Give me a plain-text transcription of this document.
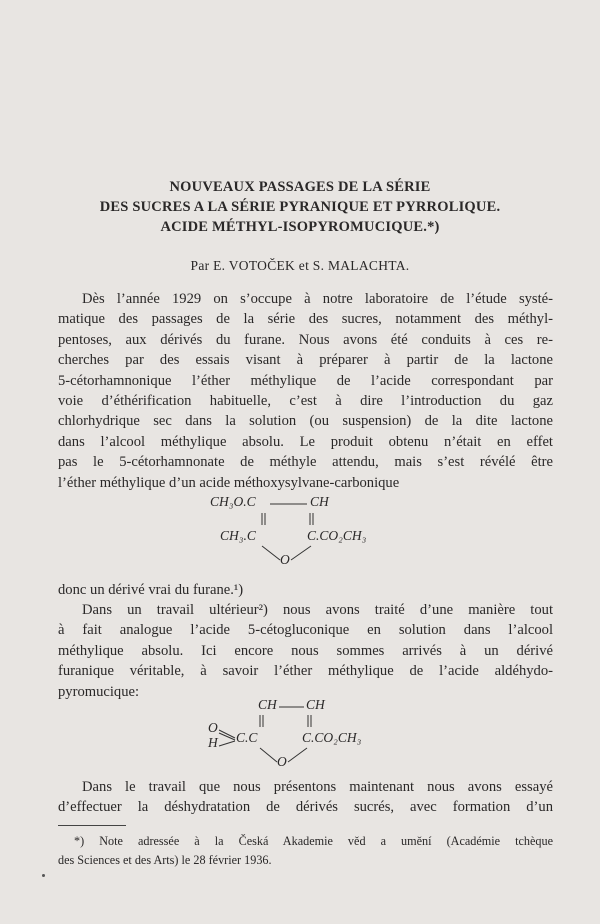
NOUVEAUX PASSAGES DE LA SÉRIE
DES SUCRES A LA SÉRIE PYRANIQUE ET PYRROLIQUE.
ACIDE MÉTHYL-ISOPYROMUCIQUE.*)
Par E. VOTOČEK et S. MALACHTA.
Dès l’année 1929 on s’occupe à notre laboratoire de l’étude systé-
matique des passages de la série des sucres, notamment des méthyl-
pentoses, aux dérivés du furane. Nous avons été conduits à ces re-
cherches par des essais visant à préparer à partir de la lactone
5-cétorhamnonique l’éther méthylique de l’acide correspondant par
voie d’éthérification habituelle, c’est à dire l’introduction du gaz
chlorhydrique sec dans la solution (ou suspension) de la dite lactone
dans l’alcool méthylique absolu. Le produit obtenu n’était en effet
pas le 5-cétorhamnonate de méthyle attendu, mais s’est révélé être
l’éther méthylique d’un acide méthoxysylvane-carbonique
CH₃O.C	CH
CH₃.C	C.CO₂CH₃
O
donc un dérivé vrai du furane.¹)
Dans un travail ultérieur²) nous avons traité d’une manière tout
à fait analogue l’acide 5-cétogluconique en solution dans l’alcool
méthylique absolu. Ici encore nous sommes arrivés à un dérivé
furanique véritable, à savoir l’éther méthylique de l’acide aldéhydo-
pyromucique:
CH CH
O
H C.C	C.CO₂CH₃
O
Dans le travail que nous présentons maintenant nous avons essayé
d’effectuer la déshydratation de dérivés sucrés, avec formation d’un
*) Note adressée à la Česká Akademie věd a umění (Académie tchèque
des Sciences et des Arts) le 28 février 1936.
